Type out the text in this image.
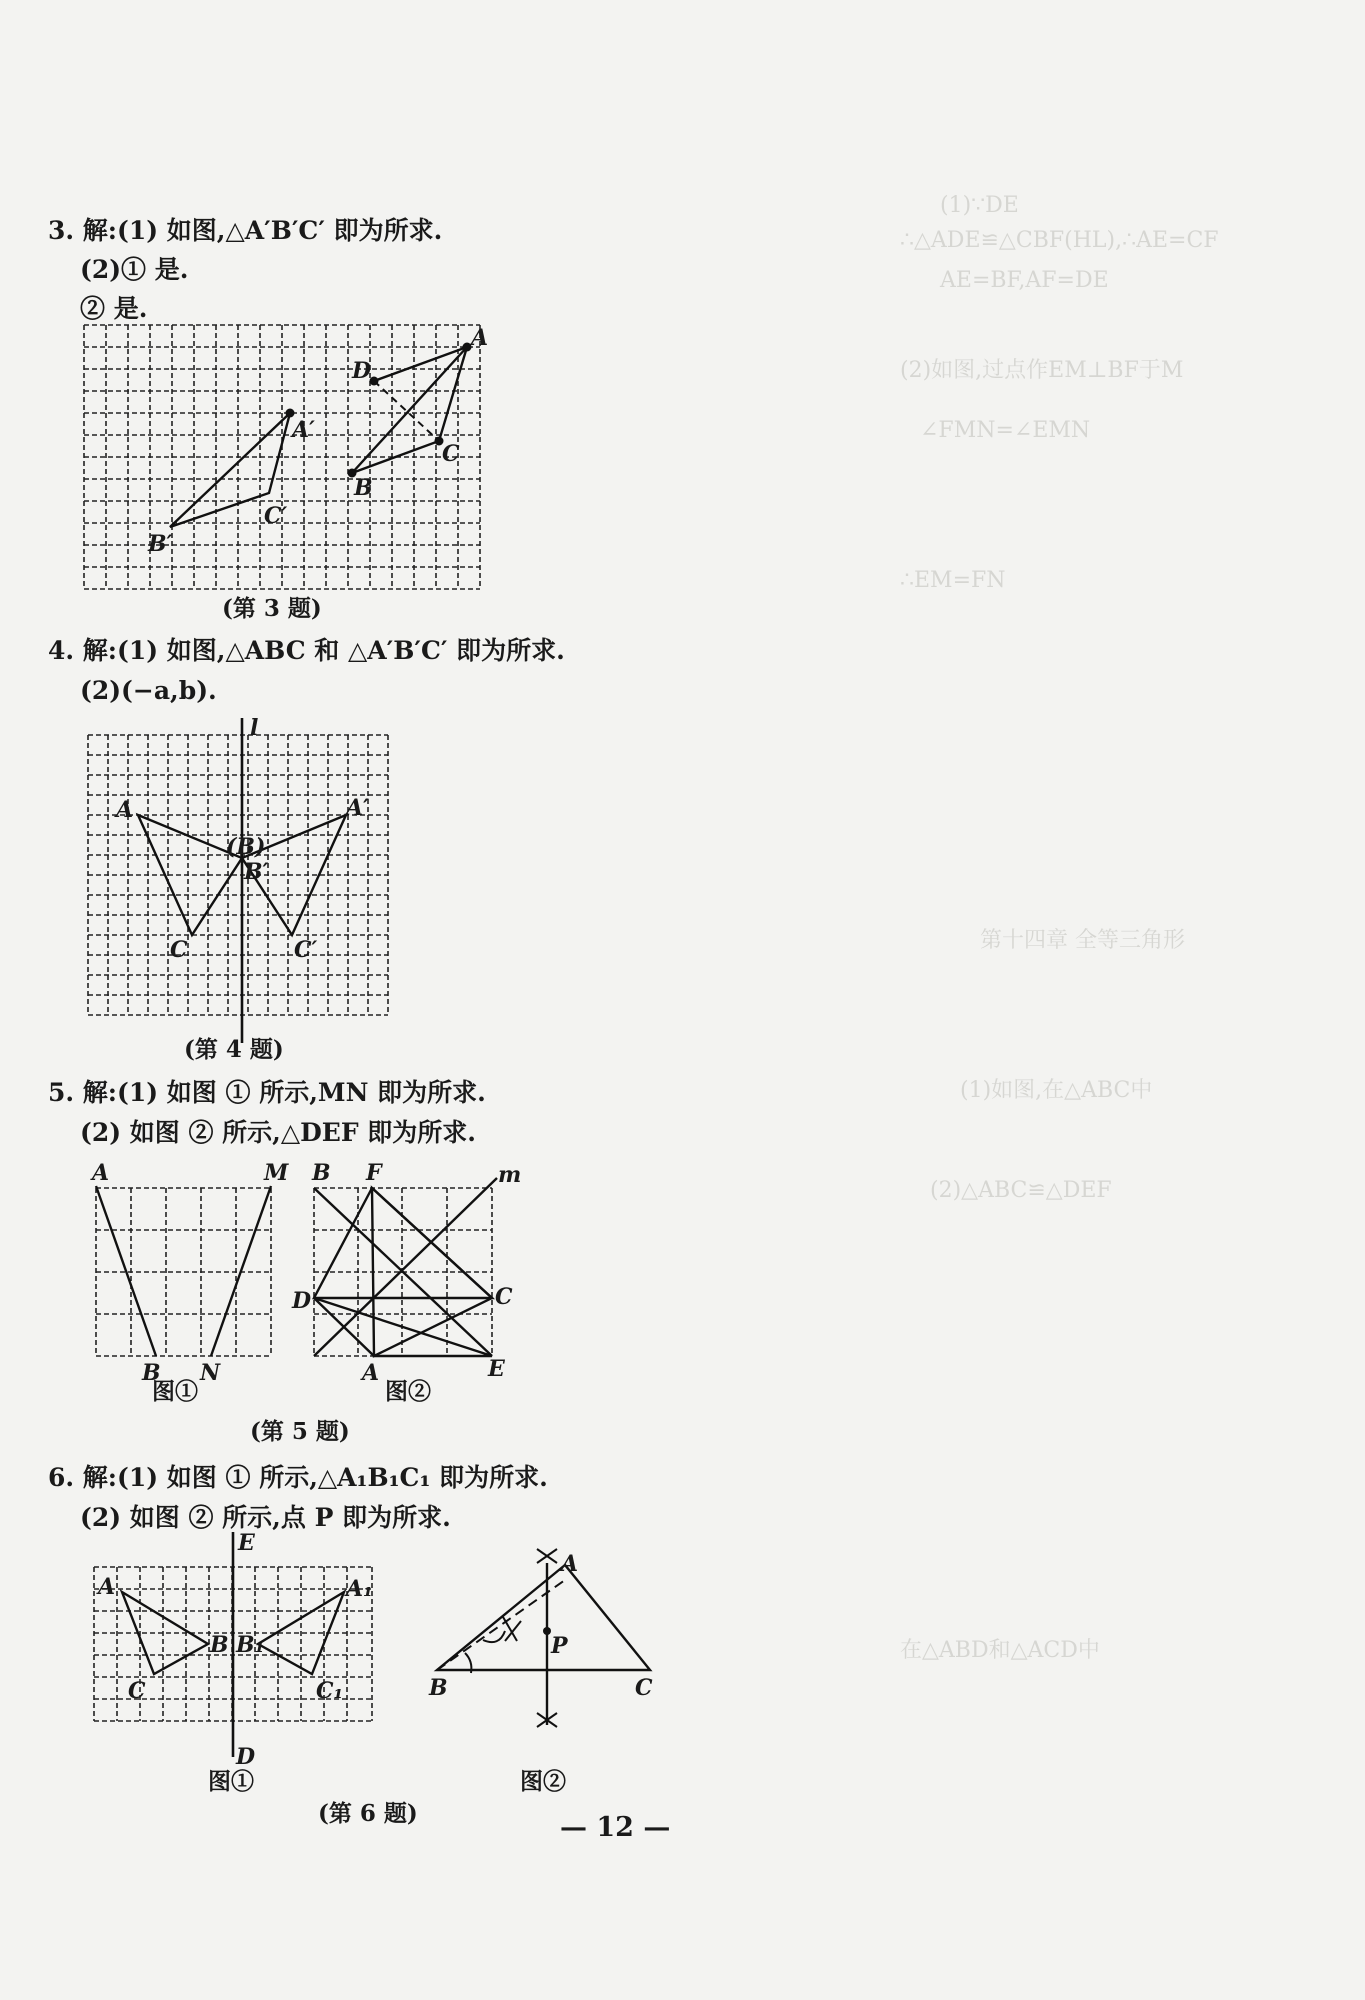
(1)∵DE
∴△ADE≌△CBF(HL),∴AE=CF
AE=BF,AF=DE
(2)如图,过点作EM⊥BF于M
∠FMN=∠EMN
∴EM=FN
第十四章 全等三角形
(1)如图,在△ABC中
(2)△ABC≌△DEF
在△ABD和△ACD中
3. 解:(1) 如图,△A′B′C′ 即为所求.
(2)① 是.
② 是.
A
D
C
B
A′
B′
C′
(第 3 题)
4. 解:(1) 如图,△ABC 和 △A′B′C′ 即为所求.
(2)(−a,b).
l
A	A′
(B)
B′
C	C′
(第 4 题)
5. 解:(1) 如图 ① 所示,MN 即为所求.
(2) 如图 ② 所示,△DEF 即为所求.
A	M
B N
图①
B F	m
D	C
A	E
图②
(第 5 题)
6. 解:(1) 如图 ① 所示,△A₁B₁C₁ 即为所求.
(2) 如图 ② 所示,点 P 即为所求.
E
A
B B₁
A₁
C	C₁
D
图①
A
P
B	C
图②
(第 6 题)	— 12 —
